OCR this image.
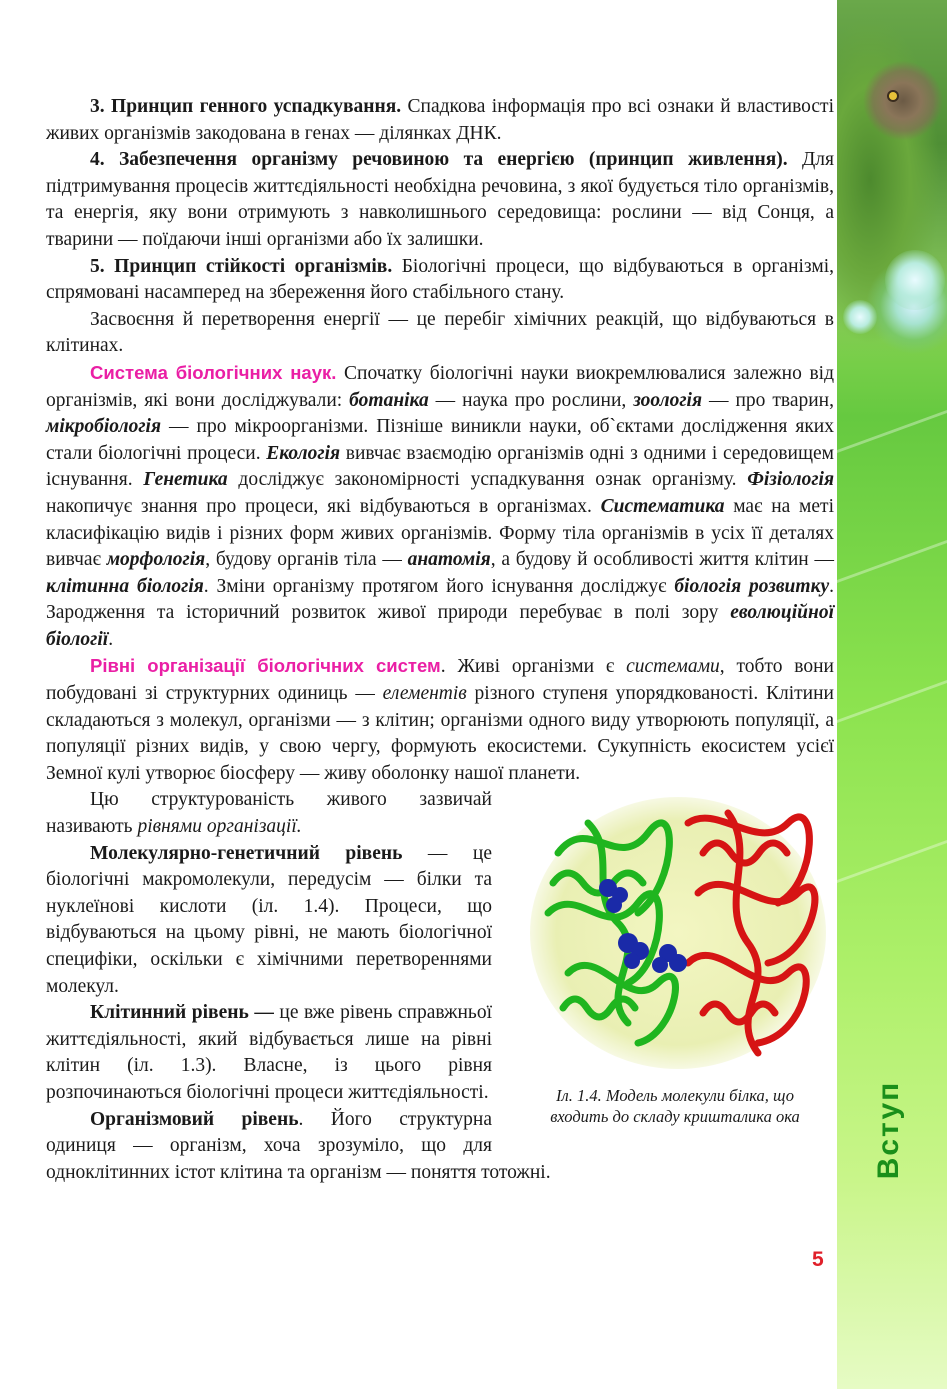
Вступ

3. Принцип генного успадкування. Спадкова інформація про всі ознаки й властивості живих організмів закодована в генах — ділянках ДНК.

4. Забезпечення організму речовиною та енергією (принцип живлення). Для підтримування процесів життєдіяльності необхідна речовина, з якої будується тіло організмів, та енергія, яку вони отримують з навколишнього середовища: рослини — від Сонця, а тварини — поїдаючи інші організми або їх залишки.

5. Принцип стійкості організмів. Біологічні процеси, що відбуваються в організмі, спрямовані насамперед на збереження його стабільного стану.

Засвоєння й перетворення енергії — це перебіг хімічних реакцій, що відбуваються в клітинах.

Система біологічних наук. Спочатку біологічні науки виокремлювалися залежно від організмів, які вони досліджували: ботаніка — наука про рослини, зоологія — про тварин, мікробіологія — про мікроорганізми. Пізніше виникли науки, об`єктами дослідження яких стали біологічні процеси. Екологія вивчає взаємодію організмів одні з одними і середовищем існування. Генетика досліджує закономірності успадкування ознак організму. Фізіологія накопичує знання про процеси, які відбуваються в організмах. Систематика має на меті класифікацію видів і різних форм живих організмів. Форму тіла організмів в усіх її деталях вивчає морфологія, будову органів тіла — анатомія, а будову й особливості життя клітин — клітинна біологія. Зміни організму протягом його існування досліджує біологія розвитку. Зародження та історичний розвиток живої природи перебуває в полі зору еволюційної біології.

Рівні організації біологічних систем. Живі організми є системами, тобто вони побудовані зі структурних одиниць — елементів різного ступеня упорядкованості. Клітини складаються з молекул, організми — з клітин; організми одного виду утворюють популяції, а популяції різних видів, у свою чергу, формують екосистеми. Сукупність екосистем усієї Земної кулі утворює біосферу — живу оболонку нашої планети.

Іл. 1.4. Модель молекули білка, що
входить до складу кришталика ока

Цю структурованість живого зазвичай називають рівнями організації.

Молекулярно-генетичний рівень — це біологічні макромолекули, передусім — білки та нуклеїнові кислоти (іл. 1.4). Процеси, що відбуваються на цьому рівні, не мають біологічної специфіки, оскільки є хімічними перетвореннями молекул.

Клітинний рівень — це вже рівень справжньої життєдіяльності, який відбувається лише на рівні клітин (іл. 1.3). Власне, із цього рівня розпочинаються біологічні процеси життєдіяльності.

Організмовий рівень. Його структурна одиниця — організм, хоча зрозуміло, що для одноклітинних істот клітина та організм — поняття тотожні.

5
